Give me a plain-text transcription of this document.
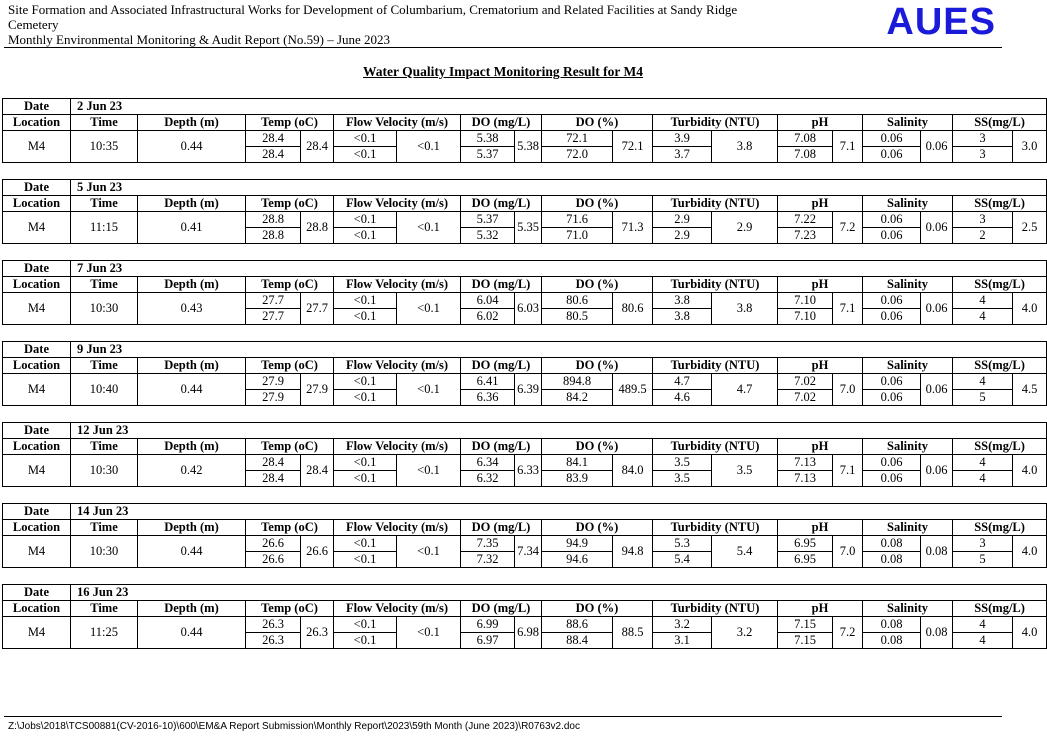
Site Formation and Associated Infrastructural Works for Development of Columbarium, Crematorium and Related Facilities at Sandy Ridge
Cemetery
Monthly Environmental Monitoring & Audit Report (No.59) – June 2023	AUES
Water Quality Impact Monitoring Result for M4
Date	2 Jun 23																	
Location	Time	Depth (m)	Temp (oC)		Flow Velocity (m/s)		DO (mg/L)		DO (%)		Turbidity (NTU)		pH		Salinity		SS(mg/L)	
M4	10:35	0.44	28.4	28.4	<0.1	<0.1	5.38	5.38	72.1	72.1	3.9	3.8	7.08	7.1	0.06	0.06	3	3.0
			28.4		<0.1		5.37		72.0		3.7		7.08		0.06		3	
Date	5 Jun 23																	
Location	Time	Depth (m)	Temp (oC)		Flow Velocity (m/s)		DO (mg/L)		DO (%)		Turbidity (NTU)		pH		Salinity		SS(mg/L)	
M4	11:15	0.41	28.8	28.8	<0.1	<0.1	5.37	5.35	71.6	71.3	2.9	2.9	7.22	7.2	0.06	0.06	3	2.5
			28.8		<0.1		5.32		71.0		2.9		7.23		0.06		2	
Date	7 Jun 23																	
Location	Time	Depth (m)	Temp (oC)		Flow Velocity (m/s)		DO (mg/L)		DO (%)		Turbidity (NTU)		pH		Salinity		SS(mg/L)	
M4	10:30	0.43	27.7	27.7	<0.1	<0.1	6.04	6.03	80.6	80.6	3.8	3.8	7.10	7.1	0.06	0.06	4	4.0
			27.7		<0.1		6.02		80.5		3.8		7.10		0.06		4	
Date	9 Jun 23																	
Location	Time	Depth (m)	Temp (oC)		Flow Velocity (m/s)		DO (mg/L)		DO (%)		Turbidity (NTU)		pH		Salinity		SS(mg/L)	
M4	10:40	0.44	27.9	27.9	<0.1	<0.1	6.41	6.39	894.8	489.5	4.7	4.7	7.02	7.0	0.06	0.06	4	4.5
			27.9		<0.1		6.36		84.2		4.6		7.02		0.06		5	
Date	12 Jun 23																	
Location	Time	Depth (m)	Temp (oC)		Flow Velocity (m/s)		DO (mg/L)		DO (%)		Turbidity (NTU)		pH		Salinity		SS(mg/L)	
M4	10:30	0.42	28.4	28.4	<0.1	<0.1	6.34	6.33	84.1	84.0	3.5	3.5	7.13	7.1	0.06	0.06	4	4.0
			28.4		<0.1		6.32		83.9		3.5		7.13		0.06		4	
Date	14 Jun 23																	
Location	Time	Depth (m)	Temp (oC)		Flow Velocity (m/s)		DO (mg/L)		DO (%)		Turbidity (NTU)		pH		Salinity		SS(mg/L)	
M4	10:30	0.44	26.6	26.6	<0.1	<0.1	7.35	7.34	94.9	94.8	5.3	5.4	6.95	7.0	0.08	0.08	3	4.0
			26.6		<0.1		7.32		94.6		5.4		6.95		0.08		5	
Date	16 Jun 23																	
Location	Time	Depth (m)	Temp (oC)		Flow Velocity (m/s)		DO (mg/L)		DO (%)		Turbidity (NTU)		pH		Salinity		SS(mg/L)	
M4	11:25	0.44	26.3	26.3	<0.1	<0.1	6.99	6.98	88.6	88.5	3.2	3.2	7.15	7.2	0.08	0.08	4	4.0
			26.3		<0.1		6.97		88.4		3.1		7.15		0.08		4	
Z:\Jobs\2018\TCS00881(CV-2016-10)\600\EM&A Report Submission\Monthly Report\2023\59th Month (June 2023)\R0763v2.doc
